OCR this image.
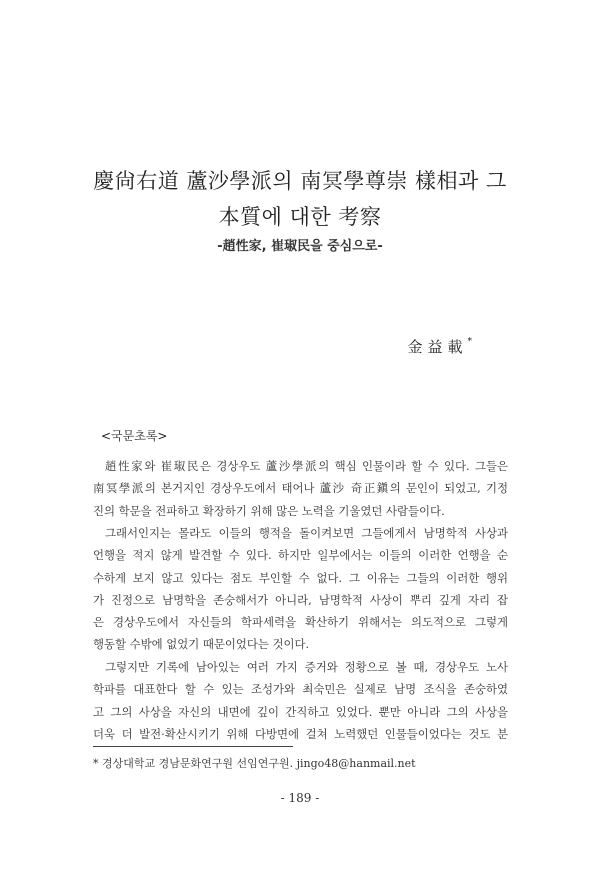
慶尙右道 蘆沙學派의 南冥學尊崇 樣相과 그
本質에 대한 考察
-趙性家, 崔琡民을 중심으로-
金益載*
<국문초록>
趙性家와 崔琡民은 경상우도 蘆沙學派의 핵심 인물이라 할 수 있다. 그들은
南冥學派의 본거지인 경상우도에서 태어나 蘆沙 奇正鎭의 문인이 되었고, 기정
진의 학문을 전파하고 확장하기 위해 많은 노력을 기울였던 사람들이다.
그래서인지는 몰라도 이들의 행적을 돌이켜보면 그들에게서 남명학적 사상과
언행을 적지 않게 발견할 수 있다. 하지만 일부에서는 이들의 이러한 언행을 순
수하게 보지 않고 있다는 점도 부인할 수 없다. 그 이유는 그들의 이러한 행위
가 진정으로 남명학을 존숭해서가 아니라, 남명학적 사상이 뿌리 깊게 자리 잡
은 경상우도에서 자신들의 학파세력을 확산하기 위해서는 의도적으로 그렇게
행동할 수밖에 없었기 때문이었다는 것이다.
그렇지만 기록에 남아있는 여러 가지 증거와 정황으로 볼 때, 경상우도 노사
학파를 대표한다 할 수 있는 조성가와 최숙민은 실제로 남명 조식을 존숭하였
고 그의 사상을 자신의 내면에 깊이 간직하고 있었다. 뿐만 아니라 그의 사상을
더욱 더 발전·확산시키기 위해 다방면에 걸쳐 노력했던 인물들이었다는 것도 분
* 경상대학교 경남문화연구원 선임연구원. jingo48@hanmail.net
- 189 -
